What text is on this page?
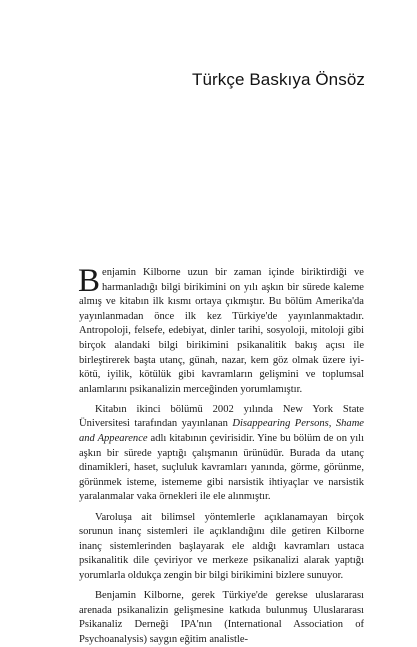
Türkçe Baskıya Önsöz

Benjamin Kilborne uzun bir zaman içinde biriktirdiği ve harmanladığı bilgi birikimini on yılı aşkın bir sürede kaleme almış ve kitabın ilk kısmı ortaya çıkmıştır. Bu bölüm Amerika'da yayınlanmadan önce ilk kez Türkiye'de yayınlanmaktadır. Antropoloji, felsefe, edebiyat, dinler tarihi, sosyoloji, mitoloji gibi birçok alandaki bilgi birikimini psikanalitik bakış açısı ile birleştirerek başta utanç, günah, nazar, kem göz olmak üzere iyi-kötü, iyilik, kötülük gibi kavramların gelişmini ve toplumsal anlamlarını psikanalizin merceğinden yorumlamıştır.

Kitabın ikinci bölümü 2002 yılında New York State Üniversitesi tarafından yayınlanan Disappearing Persons, Shame and Appearence adlı kitabının çevirisidir. Yine bu bölüm de on yılı aşkın bir sürede yaptığı çalışmanın ürünüdür. Burada da utanç dinamikleri, haset, suçluluk kavramları yanında, görme, görünme, görünmek isteme, istememe gibi narsistik ihtiyaçlar ve narsistik yaralanmalar vaka örnekleri ile ele alınmıştır.

Varoluşa ait bilimsel yöntemlerle açıklanamayan birçok sorunun inanç sistemleri ile açıklandığını dile getiren Kilborne inanç sistemlerinden başlayarak ele aldığı kavramları ustaca psikanalitik dile çeviriyor ve merkeze psikanalizi alarak yaptığı yorumlarla oldukça zengin bir bilgi birikimini bizlere sunuyor.

Benjamin Kilborne, gerek Türkiye'de gerekse uluslararası arenada psikanalizin gelişmesine katkıda bulunmuş Uluslararası Psikanaliz Derneği IPA'nın (International Association of Psychoanalysis) saygın eğitim analistle-
